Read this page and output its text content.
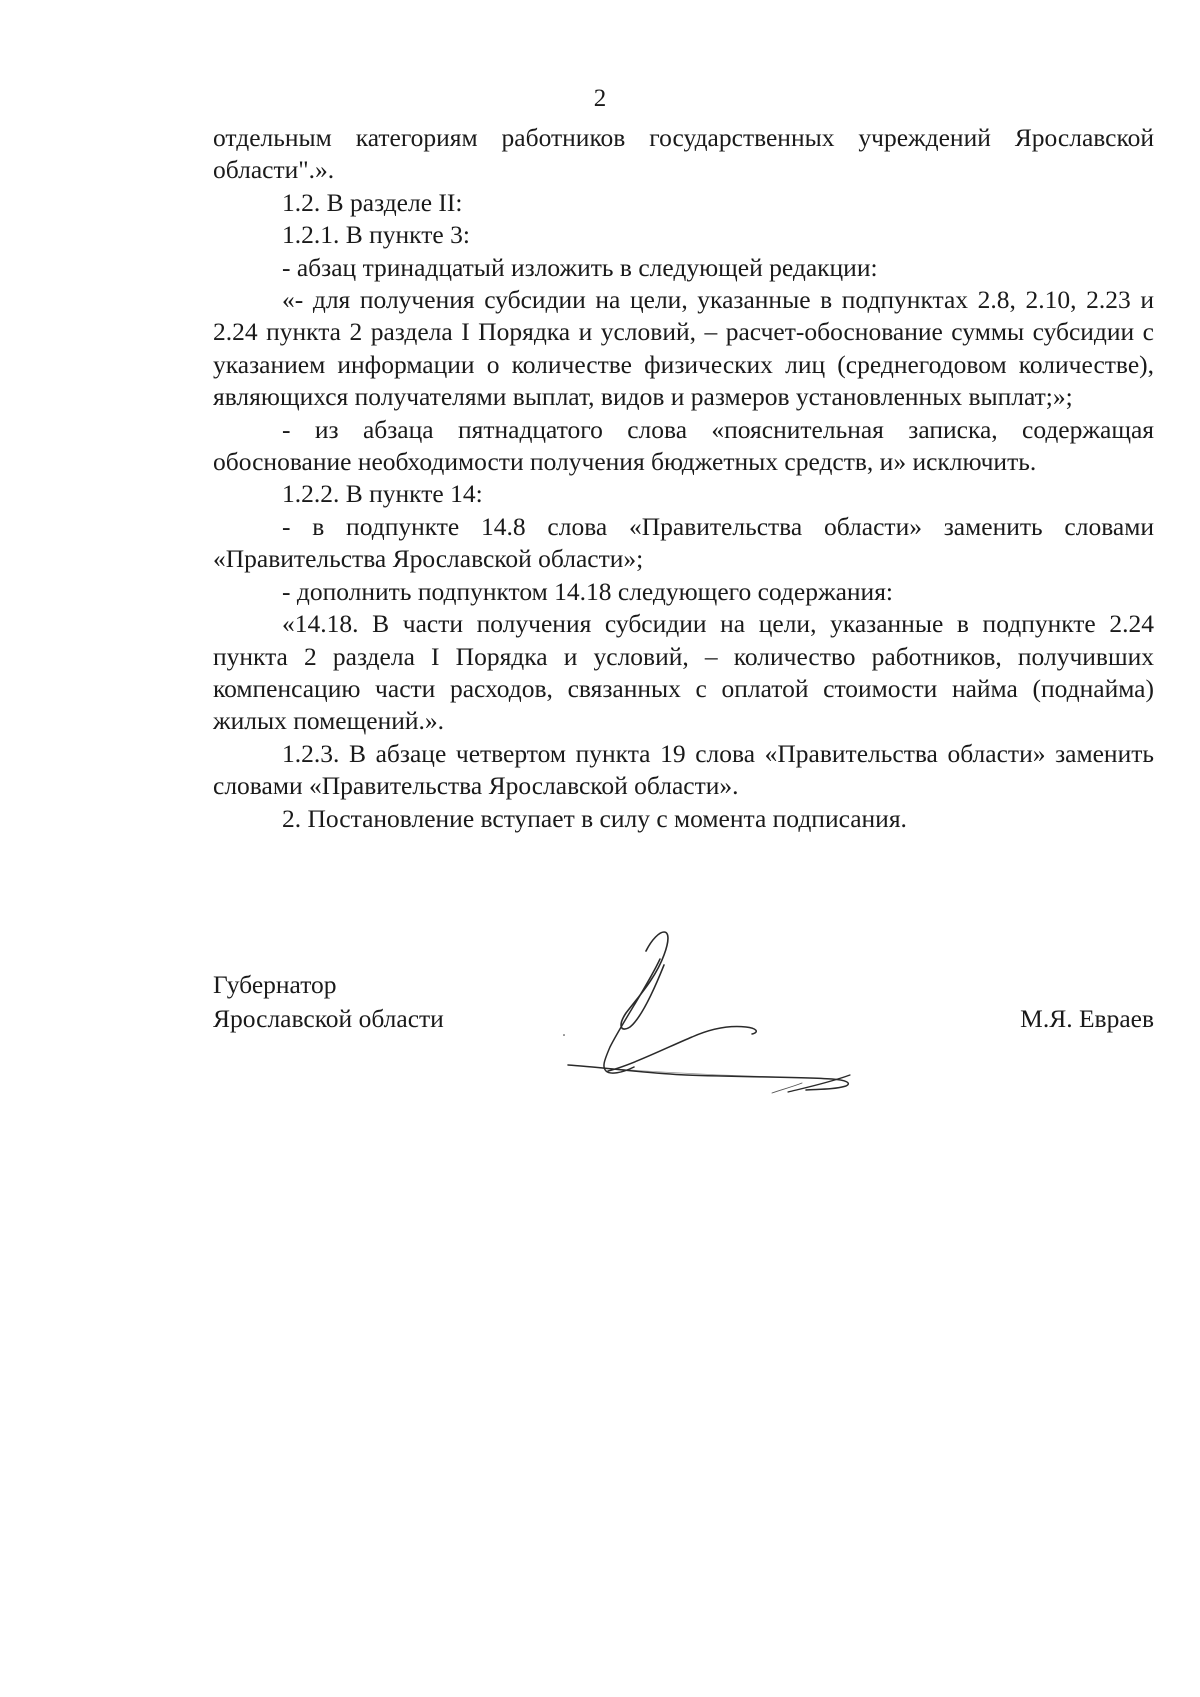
2

отдельным категориям работников государственных учреждений Ярославской области".».

1.2. В разделе II:

1.2.1. В пункте 3:

- абзац тринадцатый изложить в следующей редакции:

«- для получения субсидии на цели, указанные в подпунктах 2.8, 2.10, 2.23 и 2.24 пункта 2 раздела I Порядка и условий, – расчет-обоснование суммы субсидии с указанием информации о количестве физических лиц (среднегодовом количестве), являющихся получателями выплат, видов и размеров установленных выплат;»;

- из абзаца пятнадцатого слова «пояснительная записка, содержащая обоснование необходимости получения бюджетных средств, и» исключить.

1.2.2. В пункте 14:

- в подпункте 14.8 слова «Правительства области» заменить словами «Правительства Ярославской области»;

- дополнить подпунктом 14.18 следующего содержания:

«14.18. В части получения субсидии на цели, указанные в подпункте 2.24 пункта 2 раздела I Порядка и условий, – количество работников, получивших компенсацию части расходов, связанных с оплатой стоимости найма (поднайма) жилых помещений.».

1.2.3. В абзаце четвертом пункта 19 слова «Правительства области» заменить словами «Правительства Ярославской области».

2. Постановление вступает в силу с момента подписания.

Губернатор
Ярославской области	М.Я. Евраев
